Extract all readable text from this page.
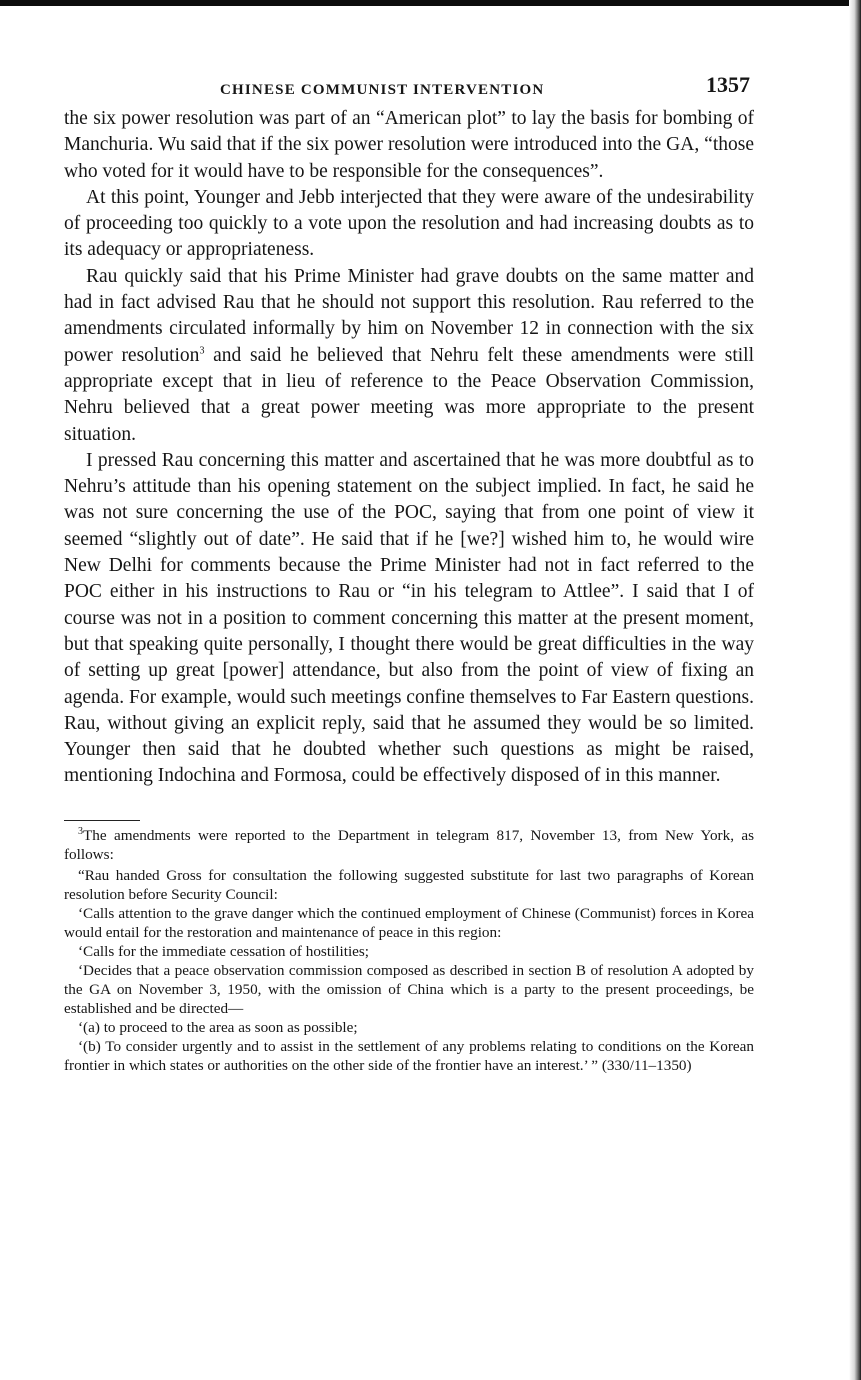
CHINESE COMMUNIST INTERVENTION	1357

the six power resolution was part of an “American plot” to lay the basis for bombing of Manchuria. Wu said that if the six power resolution were introduced into the GA, “those who voted for it would have to be responsible for the consequences”.

At this point, Younger and Jebb interjected that they were aware of the undesirability of proceeding too quickly to a vote upon the resolution and had increasing doubts as to its adequacy or appropriateness.

Rau quickly said that his Prime Minister had grave doubts on the same matter and had in fact advised Rau that he should not support this resolution. Rau referred to the amendments circulated informally by him on November 12 in connection with the six power resolution$^3$ and said he believed that Nehru felt these amendments were still appropriate except that in lieu of reference to the Peace Observation Commission, Nehru believed that a great power meeting was more appropriate to the present situation.

I pressed Rau concerning this matter and ascertained that he was more doubtful as to Nehru’s attitude than his opening statement on the subject implied. In fact, he said he was not sure concerning the use of the POC, saying that from one point of view it seemed “slightly out of date”. He said that if he [we?] wished him to, he would wire New Delhi for comments because the Prime Minister had not in fact referred to the POC either in his instructions to Rau or “in his telegram to Attlee”. I said that I of course was not in a position to comment concerning this matter at the present moment, but that speaking quite personally, I thought there would be great difficulties in the way of setting up great [power] attendance, but also from the point of view of fixing an agenda. For example, would such meetings confine themselves to Far Eastern questions. Rau, without giving an explicit reply, said that he assumed they would be so limited. Younger then said that he doubted whether such questions as might be raised, mentioning Indochina and Formosa, could be effectively disposed of in this manner.

$^3$The amendments were reported to the Department in telegram 817, November 13, from New York, as follows:

“Rau handed Gross for consultation the following suggested substitute for last two paragraphs of Korean resolution before Security Council:

‘Calls attention to the grave danger which the continued employment of Chinese (Communist) forces in Korea would entail for the restoration and maintenance of peace in this region:

‘Calls for the immediate cessation of hostilities;

‘Decides that a peace observation commission composed as described in section B of resolution A adopted by the GA on November 3, 1950, with the omission of China which is a party to the present proceedings, be established and be directed—

‘(a) to proceed to the area as soon as possible;

‘(b) To consider urgently and to assist in the settlement of any problems relating to conditions on the Korean frontier in which states or authorities on the other side of the frontier have an interest.’ ” (330/11–1350)
